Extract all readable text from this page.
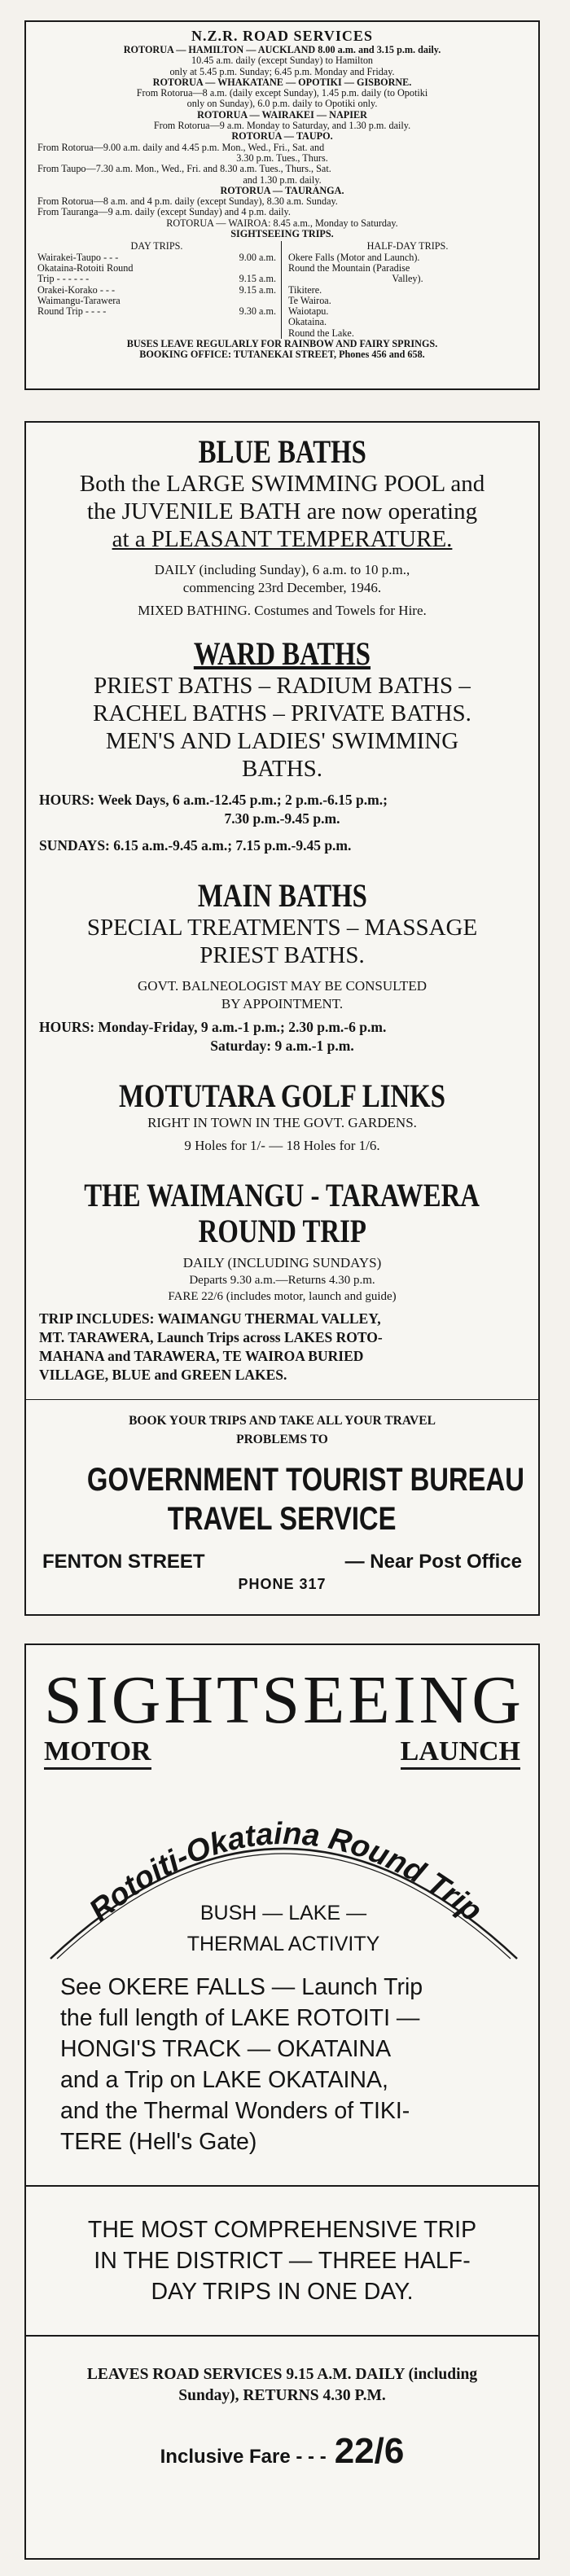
N.Z.R. ROAD SERVICES
ROTORUA — HAMILTON — AUCKLAND 8.00 a.m. and 3.15 p.m. daily.
10.45 a.m. daily (except Sunday) to Hamilton
only at 5.45 p.m. Sunday; 6.45 p.m. Monday and Friday.
ROTORUA — WHAKATANE — OPOTIKI — GISBORNE.
From Rotorua—8 a.m. (daily except Sunday), 1.45 p.m. daily (to Opotiki
only on Sunday), 6.0 p.m. daily to Opotiki only.
ROTORUA — WAIRAKEI — NAPIER
From Rotorua—9 a.m. Monday to Saturday, and 1.30 p.m. daily.
ROTORUA — TAUPO.
From Rotorua—9.00 a.m. daily and 4.45 p.m. Mon., Wed., Fri., Sat. and
3.30 p.m. Tues., Thurs.
From Taupo—7.30 a.m. Mon., Wed., Fri. and 8.30 a.m. Tues., Thurs., Sat.
and 1.30 p.m. daily.
ROTORUA — TAURANGA.
From Rotorua—8 a.m. and 4 p.m. daily (except Sunday), 8.30 a.m. Sunday.
From Tauranga—9 a.m. daily (except Sunday) and 4 p.m. daily.
ROTORUA — WAIROA: 8.45 a.m., Monday to Saturday.
SIGHTSEEING TRIPS.
DAY TRIPS.
Wairakei-Taupo - - -	9.00 a.m.
Okataina-Rotoiti Round
Trip - - - - - -	9.15 a.m.
Orakei-Korako - - -	9.15 a.m.
Waimangu-Tarawera
Round Trip - - - -	9.30 a.m.
HALF-DAY TRIPS.
Okere Falls (Motor and Launch).
Round the Mountain (Paradise
Valley).
Tikitere.
Te Wairoa.
Waiotapu.
Okataina.
Round the Lake.
BUSES LEAVE REGULARLY FOR RAINBOW AND FAIRY SPRINGS.
BOOKING OFFICE: TUTANEKAI STREET, Phones 456 and 658.
BLUE BATHS
Both the LARGE SWIMMING POOL and
the JUVENILE BATH are now operating
at a PLEASANT TEMPERATURE.
DAILY (including Sunday), 6 a.m. to 10 p.m.,
commencing 23rd December, 1946.
MIXED BATHING. Costumes and Towels for Hire.
WARD BATHS
PRIEST BATHS – RADIUM BATHS –
RACHEL BATHS – PRIVATE BATHS.
MEN'S AND LADIES' SWIMMING
BATHS.
HOURS: Week Days, 6 a.m.-12.45 p.m.; 2 p.m.-6.15 p.m.;
7.30 p.m.-9.45 p.m.
SUNDAYS: 6.15 a.m.-9.45 a.m.; 7.15 p.m.-9.45 p.m.
MAIN BATHS
SPECIAL TREATMENTS – MASSAGE
PRIEST BATHS.
GOVT. BALNEOLOGIST MAY BE CONSULTED
BY APPOINTMENT.
HOURS: Monday-Friday, 9 a.m.-1 p.m.; 2.30 p.m.-6 p.m.
Saturday: 9 a.m.-1 p.m.
MOTUTARA GOLF LINKS
RIGHT IN TOWN IN THE GOVT. GARDENS.
9 Holes for 1/- — 18 Holes for 1/6.
THE WAIMANGU - TARAWERA
ROUND TRIP
DAILY (INCLUDING SUNDAYS)
Departs 9.30 a.m.—Returns 4.30 p.m.
FARE 22/6 (includes motor, launch and guide)
TRIP INCLUDES: WAIMANGU THERMAL VALLEY,
MT. TARAWERA, Launch Trips across LAKES ROTO-
MAHANA and TARAWERA, TE WAIROA BURIED
VILLAGE, BLUE and GREEN LAKES.
BOOK YOUR TRIPS AND TAKE ALL YOUR TRAVEL
PROBLEMS TO
GOVERNMENT TOURIST BUREAU
TRAVEL SERVICE
FENTON STREET	— Near Post Office
PHONE 317
SIGHTSEEING
MOTOR	LAUNCH
Rotoiti-Okataina Round Trip
BUSH — LAKE —
THERMAL ACTIVITY
See OKERE FALLS — Launch Trip
the full length of LAKE ROTOITI —
HONGI'S TRACK — OKATAINA
and a Trip on LAKE OKATAINA,
and the Thermal Wonders of TIKI-
TERE (Hell's Gate)
THE MOST COMPREHENSIVE TRIP
IN THE DISTRICT — THREE HALF-
DAY TRIPS IN ONE DAY.
LEAVES ROAD SERVICES 9.15 A.M. DAILY (including
Sunday), RETURNS 4.30 P.M.
Inclusive Fare - - - 22/6
